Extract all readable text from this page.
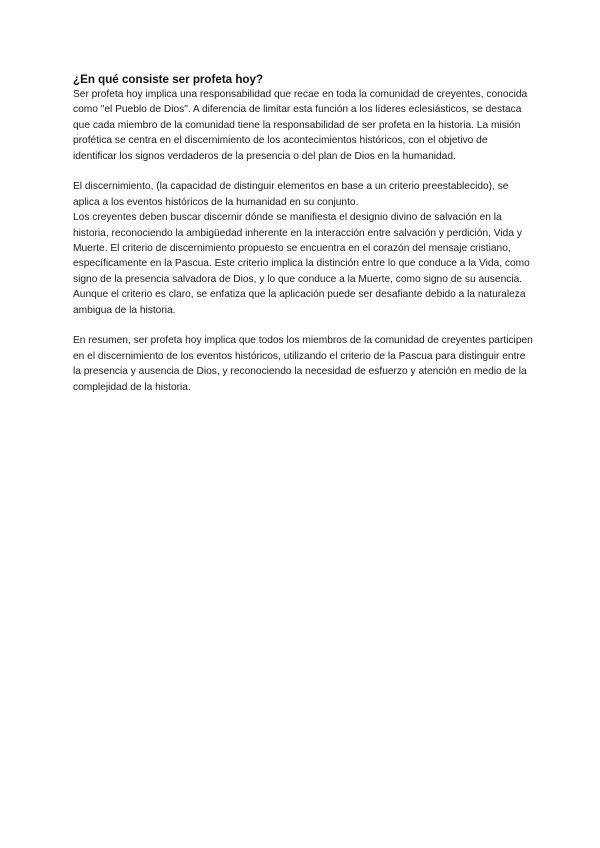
¿En qué consiste ser profeta hoy?

Ser profeta hoy implica una responsabilidad que recae en toda la comunidad de creyentes, conocida como "el Pueblo de Dios". A diferencia de limitar esta función a los líderes eclesiásticos, se destaca que cada miembro de la comunidad tiene la responsabilidad de ser profeta en la historia. La misión profética se centra en el discernimiento de los acontecimientos históricos, con el objetivo de identificar los signos verdaderos de la presencia o del plan de Dios en la humanidad.

El discernimiento, (la capacidad de distinguir elementos en base a un criterio preestablecido), se aplica a los eventos históricos de la humanidad en su conjunto.

Los creyentes deben buscar discernir dónde se manifiesta el designio divino de salvación en la historia, reconociendo la ambigüedad inherente en la interacción entre salvación y perdición, Vida y Muerte. El criterio de discernimiento propuesto se encuentra en el corazón del mensaje cristiano, específicamente en la Pascua. Este criterio implica la distinción entre lo que conduce a la Vida, como signo de la presencia salvadora de Dios, y lo que conduce a la Muerte, como signo de su ausencia. Aunque el criterio es claro, se enfatiza que la aplicación puede ser desafiante debido a la naturaleza ambigua de la historia.

En resumen, ser profeta hoy implica que todos los miembros de la comunidad de creyentes participen en el discernimiento de los eventos históricos, utilizando el criterio de la Pascua para distinguir entre la presencia y ausencia de Dios, y reconociendo la necesidad de esfuerzo y atención en medio de la complejidad de la historia.
